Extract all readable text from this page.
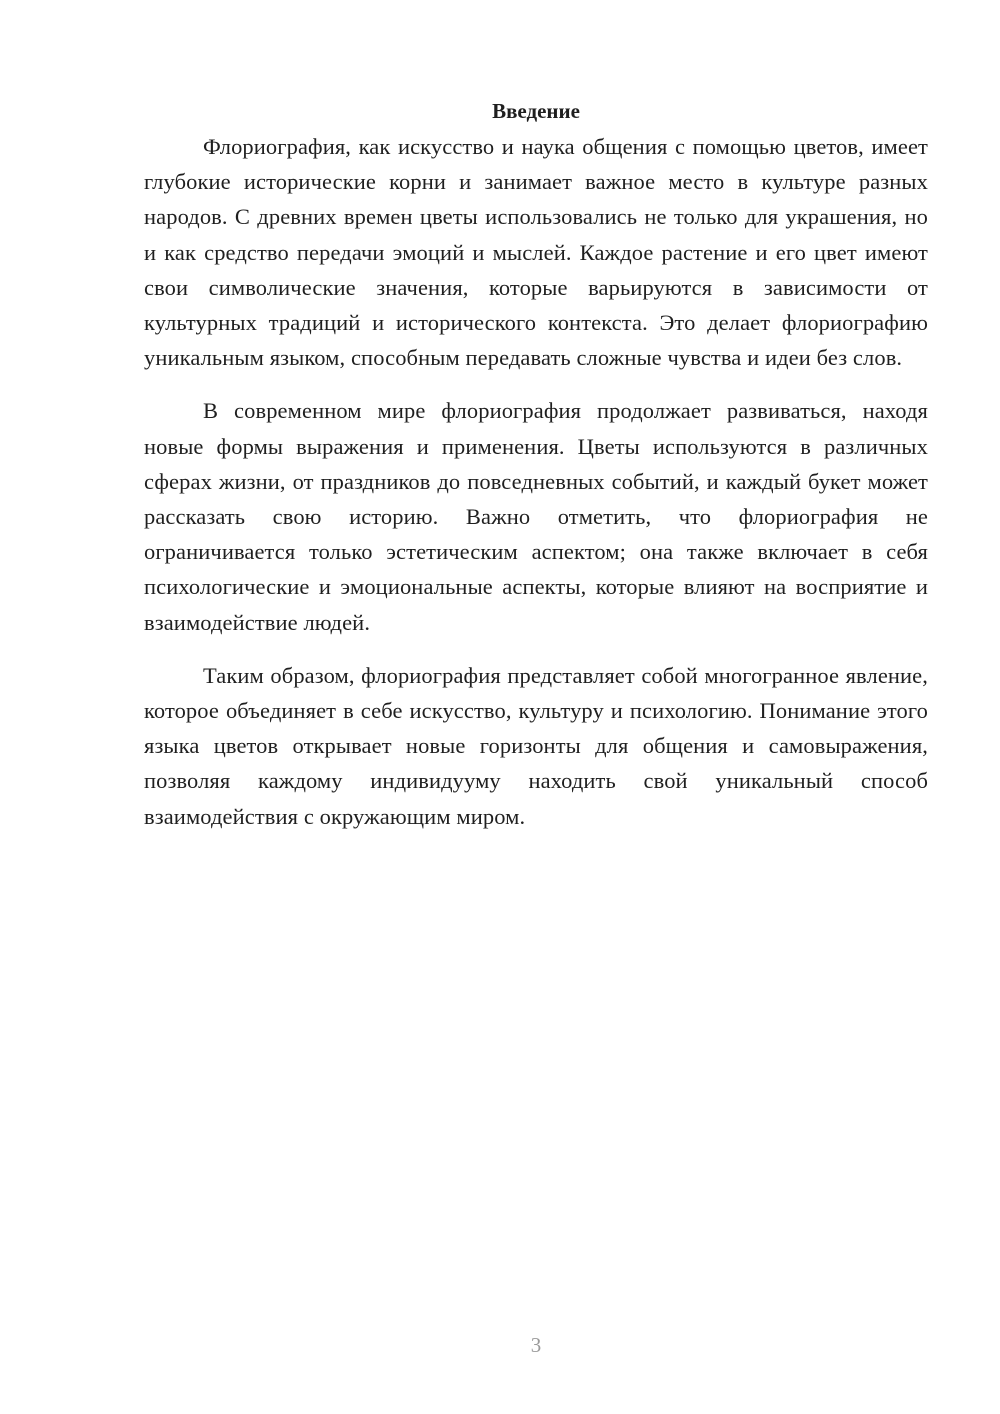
Введение

Флориография, как искусство и наука общения с помощью цветов, имеет глубокие исторические корни и занимает важное место в культуре разных народов. С древних времен цветы использовались не только для украшения, но и как средство передачи эмоций и мыслей. Каждое растение и его цвет имеют свои символические значения, которые варьируются в зависимости от культурных традиций и исторического контекста. Это делает флориографию уникальным языком, способным передавать сложные чувства и идеи без слов.

В современном мире флориография продолжает развиваться, находя новые формы выражения и применения. Цветы используются в различных сферах жизни, от праздников до повседневных событий, и каждый букет может рассказать свою историю. Важно отметить, что флориография не ограничивается только эстетическим аспектом; она также включает в себя психологические и эмоциональные аспекты, которые влияют на восприятие и взаимодействие людей.

Таким образом, флориография представляет собой многогранное явление, которое объединяет в себе искусство, культуру и психологию. Понимание этого языка цветов открывает новые горизонты для общения и самовыражения, позволяя каждому индивидууму находить свой уникальный способ взаимодействия с окружающим миром.

3
